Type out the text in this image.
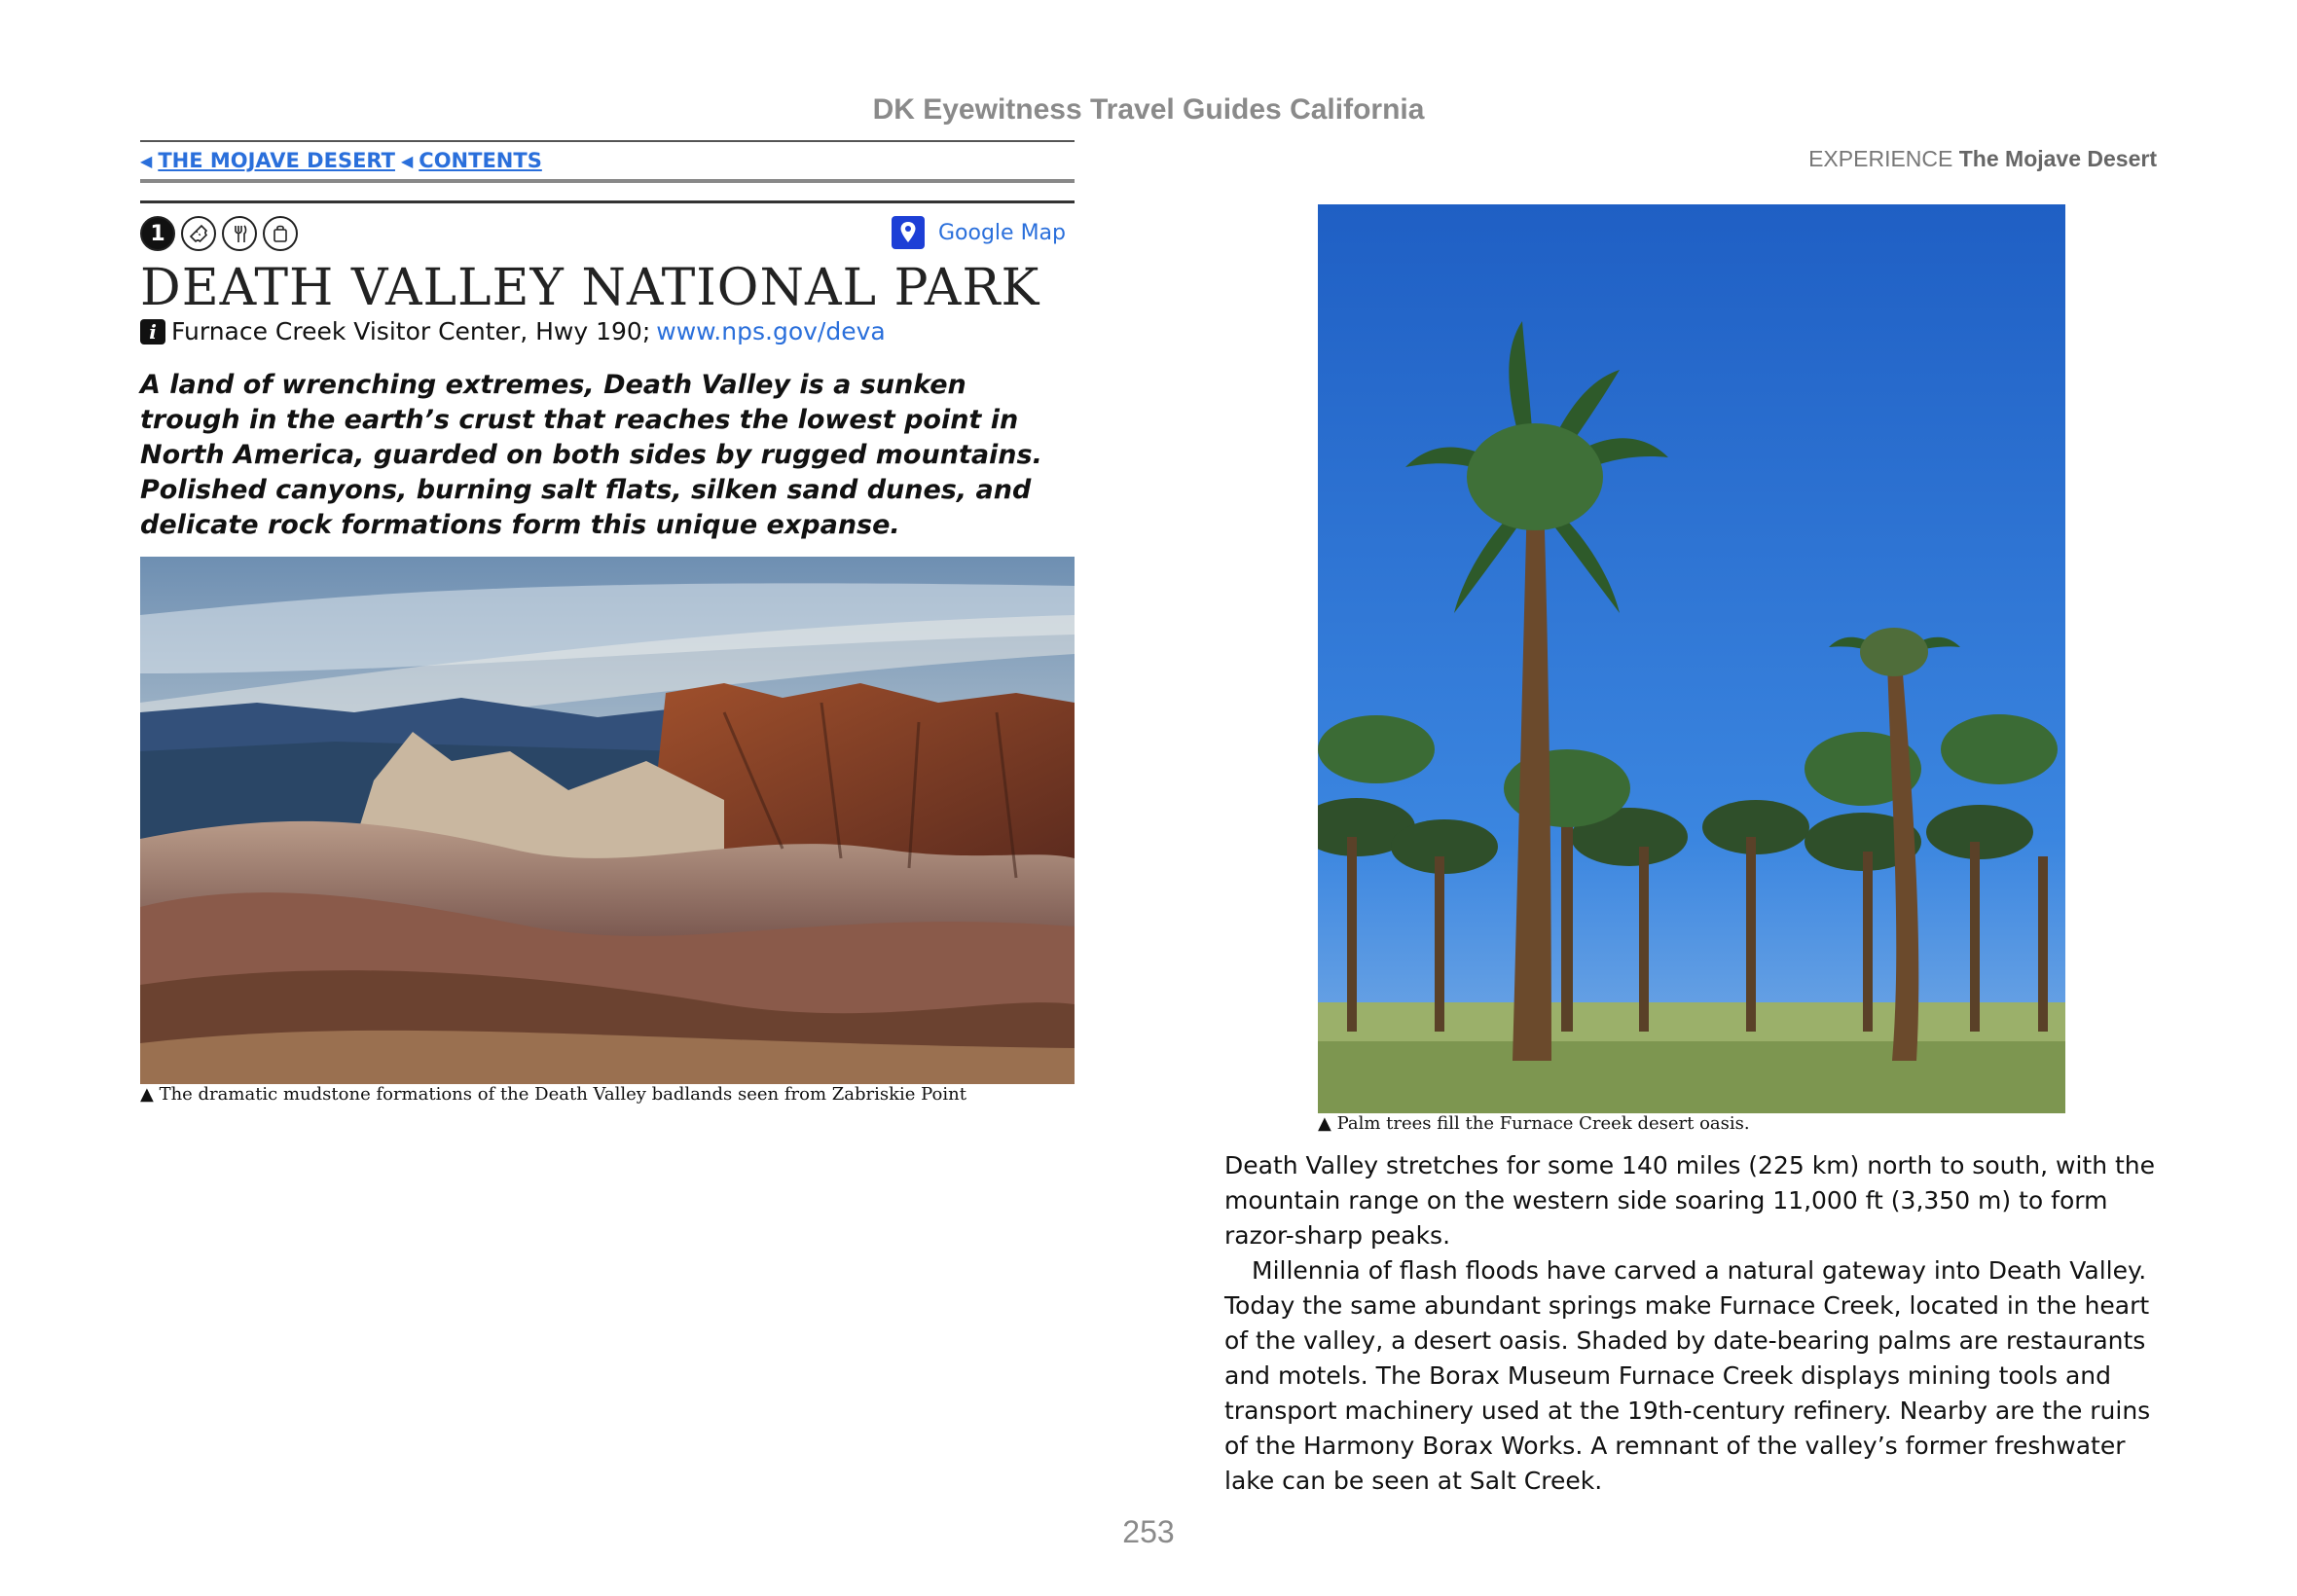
DK Eyewitness Travel Guides California
◀ THE MOJAVE DESERT ◀ CONTENTS
1	Google Map
DEATH VALLEY NATIONAL PARK
i Furnace Creek Visitor Center, Hwy 190; www.nps.gov/deva
A land of wrenching extremes, Death Valley is a sunken trough in the earth’s crust that reaches the lowest point in North America, guarded on both sides by rugged mountains. Polished canyons, burning salt flats, silken sand dunes, and delicate rock formations form this unique expanse.
▲ The dramatic mudstone formations of the Death Valley badlands seen from Zabriskie Point
EXPERIENCE The Mojave Desert
▲ Palm trees fill the Furnace Creek desert oasis.

Death Valley stretches for some 140 miles (225 km) north to south, with the mountain range on the western side soaring 11,000 ft (3,350 m) to form razor-sharp peaks.

Millennia of flash floods have carved a natural gateway into Death Valley. Today the same abundant springs make Furnace Creek, located in the heart of the valley, a desert oasis. Shaded by date-bearing palms are restaurants and motels. The Borax Museum Furnace Creek displays mining tools and transport machinery used at the 19th-century refinery. Nearby are the ruins of the Harmony Borax Works. A remnant of the valley’s former freshwater lake can be seen at Salt Creek.

253
